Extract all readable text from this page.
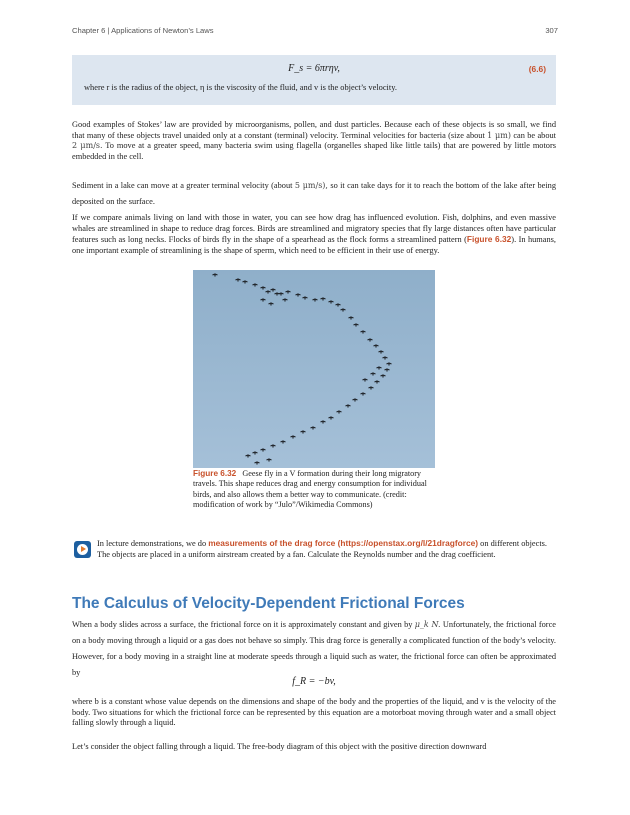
Chapter 6 | Applications of Newton’s Laws	307
F_s = 6πrηv,	(6.6)
where r is the radius of the object, η is the viscosity of the fluid, and v is the object’s velocity.

Good examples of Stokes’ law are provided by microorganisms, pollen, and dust particles. Because each of these objects is so small, we find that many of these objects travel unaided only at a constant (terminal) velocity. Terminal velocities for bacteria (size about 1 μm) can be about 2 μm/s. To move at a greater speed, many bacteria swim using flagella (organelles shaped like little tails) that are powered by little motors embedded in the cell.

Sediment in a lake can move at a greater terminal velocity (about 5 μm/s), so it can take days for it to reach the bottom of the lake after being deposited on the surface.

If we compare animals living on land with those in water, you can see how drag has influenced evolution. Fish, dolphins, and even massive whales are streamlined in shape to reduce drag forces. Birds are streamlined and migratory species that fly large distances often have particular features such as long necks. Flocks of birds fly in the shape of a spearhead as the flock forms a streamlined pattern (Figure 6.32). In humans, one important example of streamlining is the shape of sperm, which need to be efficient in their use of energy.

Figure 6.32 Geese fly in a V formation during their long migratory travels. This shape reduces drag and energy consumption for individual birds, and also allows them a better way to communicate. (credit: modification of work by “Julo”/Wikimedia Commons)

In lecture demonstrations, we do measurements of the drag force (https://openstax.org/l/21dragforce) on different objects. The objects are placed in a uniform airstream created by a fan. Calculate the Reynolds number and the drag coefficient.

The Calculus of Velocity-Dependent Frictional Forces

When a body slides across a surface, the frictional force on it is approximately constant and given by μ_k N. Unfortunately, the frictional force on a body moving through a liquid or a gas does not behave so simply. This drag force is generally a complicated function of the body’s velocity. However, for a body moving in a straight line at moderate speeds through a liquid such as water, the frictional force can often be approximated by

f_R = −bv,

where b is a constant whose value depends on the dimensions and shape of the body and the properties of the liquid, and v is the velocity of the body. Two situations for which the frictional force can be represented by this equation are a motorboat moving through water and a small object falling slowly through a liquid.

Let’s consider the object falling through a liquid. The free-body diagram of this object with the positive direction downward
